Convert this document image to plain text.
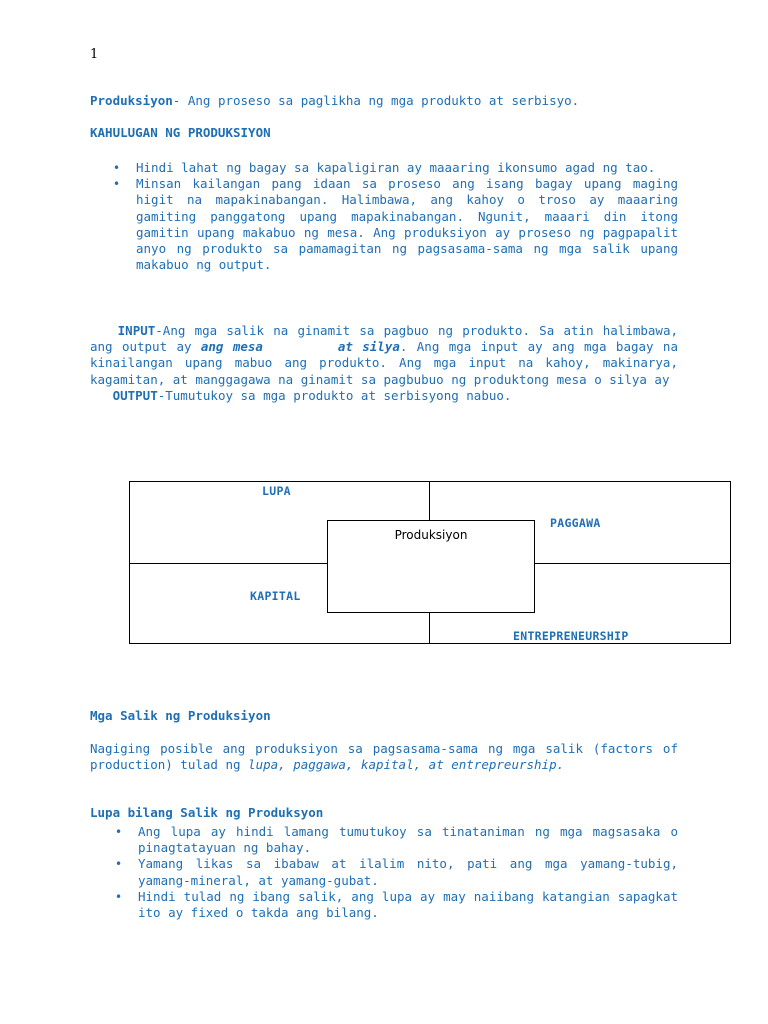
1
Produksiyon- Ang proseso sa paglikha ng mga produkto at serbisyo.
KAHULUGAN NG PRODUKSIYON
• Hindi lahat ng bagay sa kapaligiran ay maaaring ikonsumo agad ng tao.
• Minsan kailangan pang idaan sa proseso ang isang bagay upang maging higit na mapakinabangan. Halimbawa, ang kahoy o troso ay maaaring gamiting panggatong upang mapakinabangan. Ngunit, maaari din itong gamitin upang makabuo ng mesa. Ang produksiyon ay proseso ng pagpapalit anyo ng produkto sa pamamagitan ng pagsasama-sama ng mga salik upang makabuo ng output.

INPUT-Ang mga salik na ginamit sa pagbuo ng produkto. Sa atin halimbawa, ang output ay ang mesa	at silya. Ang mga input ay ang mga bagay na kinailangan upang mabuo ang produkto. Ang mga input na kahoy, makinarya, kagamitan, at manggagawa na ginamit sa pagbubuo ng produktong mesa o silya ay

OUTPUT-Tumutukoy sa mga produkto at serbisyong nabuo.

LUPA
PAGGAWA
KAPITAL
ENTREPRENEURSHIP
Produksiyon
Mga Salik ng Produksiyon

Nagiging posible ang produksiyon sa pagsasama-sama ng mga salik (factors of production) tulad ng lupa, paggawa, kapital, at entrepreurship.

Lupa bilang Salik ng Produksyon
• Ang lupa ay hindi lamang tumutukoy sa tinataniman ng mga magsasaka o pinagtatayuan ng bahay.
• Yamang likas sa ibabaw at ilalim nito, pati ang mga yamang-tubig, yamang-mineral, at yamang-gubat.
• Hindi tulad ng ibang salik, ang lupa ay may naiibang katangian sapagkat ito ay fixed o takda ang bilang.
